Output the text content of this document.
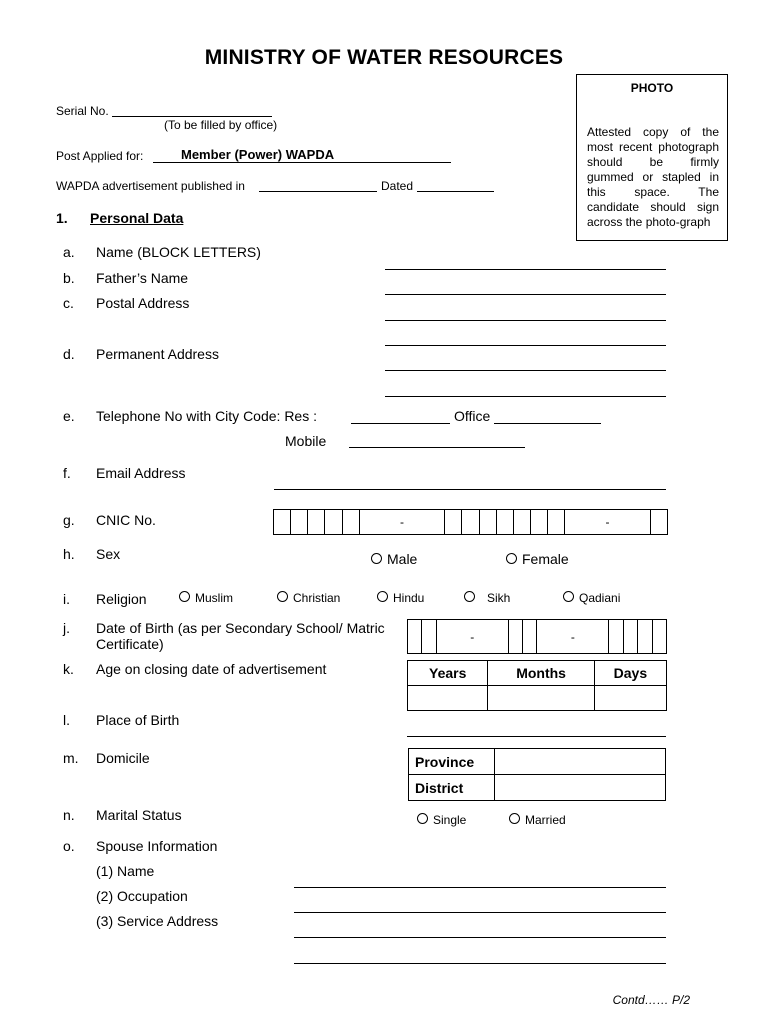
MINISTRY OF WATER RESOURCES
PHOTO
Attested copy of the most recent photograph should be firmly gummed or stapled in this space. The candidate should sign across the photo-graph
Serial No.
(To be filled by office)
Post Applied for:	Member (Power) WAPDA
WAPDA advertisement published in	Dated
1. Personal Data
a. Name (BLOCK LETTERS)
b. Father’s Name
c. Postal Address
d. Permanent Address
e. Telephone No with City Code: Res :	Office
Mobile
f. Email Address
g. CNIC No.
						-								-	
h. Sex	Male	Female
i. Religion	Muslim	Christian	Hindu	Sikh	Qadiani
j. Date of Birth (as per Secondary School/ Matric
Certificate)
			-			-				
k. Age on closing date of advertisement	Years	Months	Days

l. Place of Birth
m. Domicile	Province	
District	
n. Marital Status	Single	Married
o. Spouse Information
(1) Name
(2) Occupation
(3) Service Address
Contd…… P/2
